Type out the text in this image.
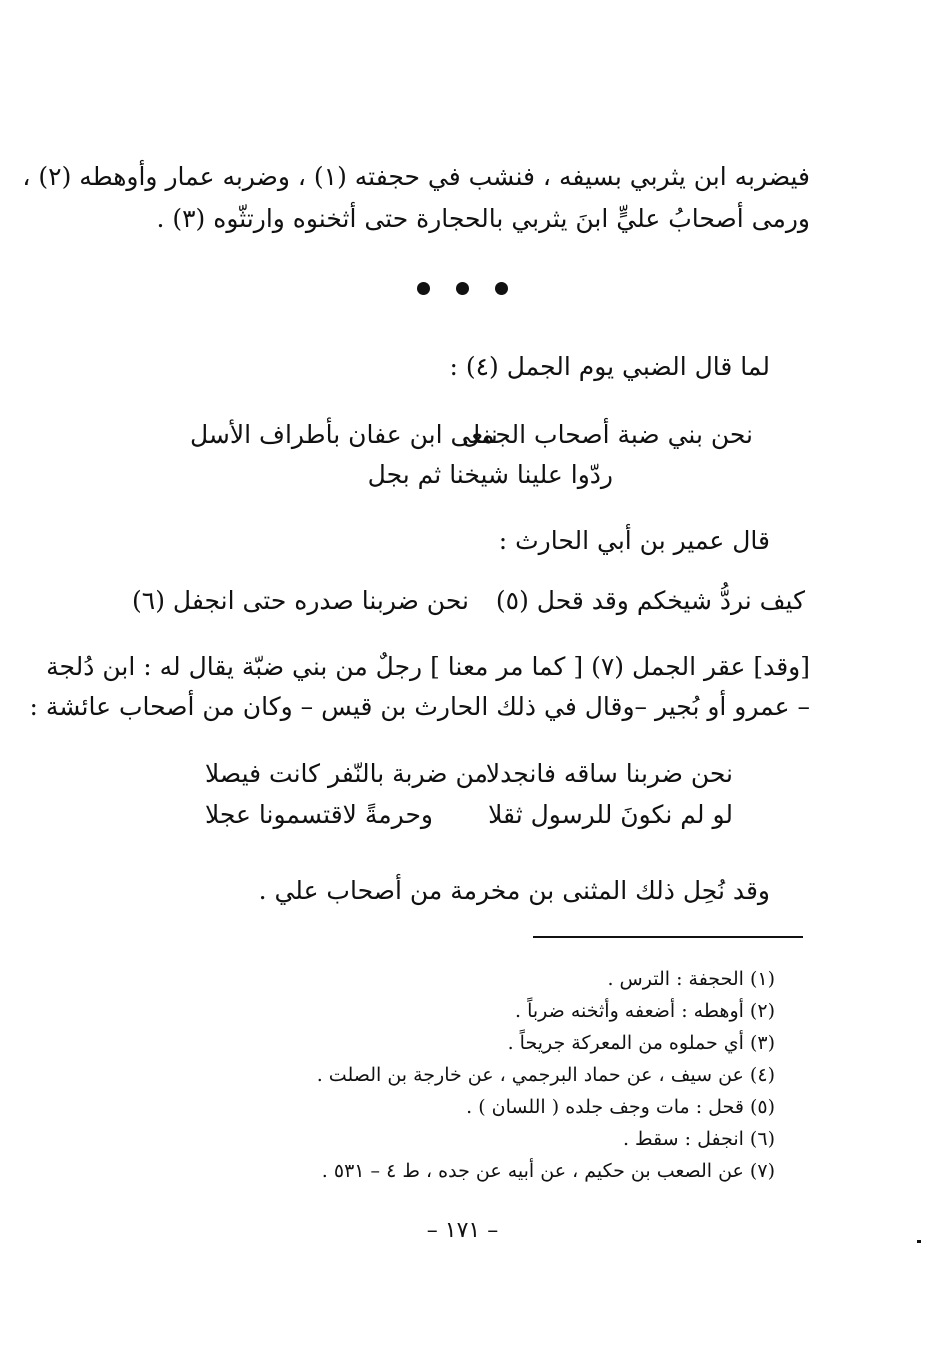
فيضربه ابن يثربي بسيفه ، فنشب في حجفته (١) ، وضربه عمار وأوهطه (٢) ،
ورمى أصحابُ عليٍّ ابنَ يثربي بالحجارة حتى أثخنوه وارتثّوه (٣) .
لما قال الضبي يوم الجمل (٤) :
نحن بني ضبة أصحاب الجمل
ننعى ابن عفان بأطراف الأسل
ردّوا علينا شيخنا ثم بجل
قال عمير بن أبي الحارث :
كيف نردُّ شيخكم وقد قحل (٥)
نحن ضربنا صدره حتى انجفل (٦)
[وقد] عقر الجمل (٧) [ كما مر معنا ] رجلٌ من بني ضبّة يقال له : ابن دُلجة
– عمرو أو بُجير –وقال في ذلك الحارث بن قيس – وكان من أصحاب عائشة :
نحن ضربنا ساقه فانجدلا
من ضربة بالنّفر كانت فيصلا
لو لم نكونَ للرسول ثقلا
وحرمةً لاقتسمونا عجلا
وقد نُحِل ذلك المثنى بن مخرمة من أصحاب علي .
(١) الحجفة : الترس .
(٢) أوهطه : أضعفه وأثخنه ضرباً .
(٣) أي حملوه من المعركة جريحاً .
(٤) عن سيف ، عن حماد البرجمي ، عن خارجة بن الصلت .
(٥) قحل : مات وجف جلده ( اللسان ) .
(٦) انجفل : سقط .
(٧) عن الصعب بن حكيم ، عن أبيه عن جده ، ط ٤ – ٥٣١ .
– ١٧١ –
